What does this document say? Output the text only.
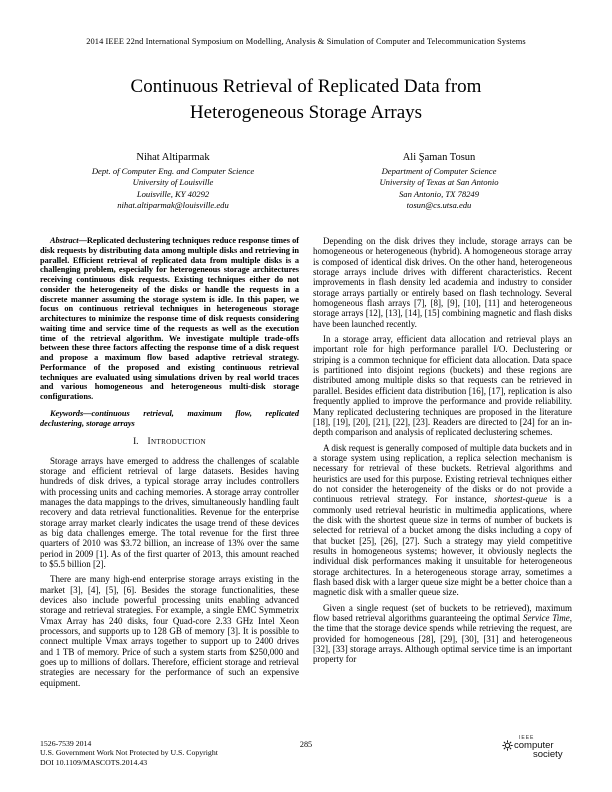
2014 IEEE 22nd International Symposium on Modelling, Analysis & Simulation of Computer and Telecommunication Systems
Continuous Retrieval of Replicated Data from
Heterogeneous Storage Arrays
Nihat Altiparmak
Dept. of Computer Eng. and Computer Science
University of Louisville
Louisville, KY 40292
nihat.altiparmak@louisville.edu
Ali Şaman Tosun
Department of Computer Science
University of Texas at San Antonio
San Antonio, TX 78249
tosun@cs.utsa.edu

Abstract—Replicated declustering techniques reduce response times of disk requests by distributing data among multiple disks and retrieving in parallel. Efficient retrieval of replicated data from multiple disks is a challenging problem, especially for heterogeneous storage architectures receiving continuous disk requests. Existing techniques either do not consider the heterogeneity of the disks or handle the requests in a discrete manner assuming the storage system is idle. In this paper, we focus on continuous retrieval techniques in heterogeneous storage architectures to minimize the response time of disk requests considering waiting time and service time of the requests as well as the execution time of the retrieval algorithm. We investigate multiple trade-offs between these three factors affecting the response time of a disk request and propose a maximum flow based adaptive retrieval strategy. Performance of the proposed and existing continuous retrieval techniques are evaluated using simulations driven by real world traces and various homogeneous and heterogeneous multi-disk storage configurations.

Keywords—continuous retrieval, maximum flow, replicated declustering, storage arrays

I. Introduction

Storage arrays have emerged to address the challenges of scalable storage and efficient retrieval of large datasets. Besides having hundreds of disk drives, a typical storage array includes controllers with processing units and caching memories. A storage array controller manages the data mappings to the drives, simultaneously handling fault recovery and data retrieval functionalities. Revenue for the enterprise storage array market clearly indicates the usage trend of these devices as big data challenges emerge. The total revenue for the first three quarters of 2010 was $3.72 billion, an increase of 13% over the same period in 2009 [1]. As of the first quarter of 2013, this amount reached to $5.5 billion [2].

There are many high-end enterprise storage arrays existing in the market [3], [4], [5], [6]. Besides the storage functionalities, these devices also include powerful processing units enabling advanced storage and retrieval strategies. For example, a single EMC Symmetrix Vmax Array has 240 disks, four Quad-core 2.33 GHz Intel Xeon processors, and supports up to 128 GB of memory [3]. It is possible to connect multiple Vmax arrays together to support up to 2400 drives and 1 TB of memory. Price of such a system starts from $250,000 and goes up to millions of dollars. Therefore, efficient storage and retrieval strategies are necessary for the performance of such an expensive equipment.

Depending on the disk drives they include, storage arrays can be homogeneous or heterogeneous (hybrid). A homogeneous storage array is composed of identical disk drives. On the other hand, heterogeneous storage arrays include drives with different characteristics. Recent improvements in flash density led academia and industry to consider storage arrays partially or entirely based on flash technology. Several homogeneous flash arrays [7], [8], [9], [10], [11] and heterogeneous storage arrays [12], [13], [14], [15] combining magnetic and flash disks have been launched recently.

In a storage array, efficient data allocation and retrieval plays an important role for high performance parallel I/O. Declustering or striping is a common technique for efficient data allocation. Data space is partitioned into disjoint regions (buckets) and these regions are distributed among multiple disks so that requests can be retrieved in parallel. Besides efficient data distribution [16], [17], replication is also frequently applied to improve the performance and provide reliability. Many replicated declustering techniques are proposed in the literature [18], [19], [20], [21], [22], [23]. Readers are directed to [24] for an in-depth comparison and analysis of replicated declustering schemes.

A disk request is generally composed of multiple data buckets and in a storage system using replication, a replica selection mechanism is necessary for retrieval of these buckets. Retrieval algorithms and heuristics are used for this purpose. Existing retrieval techniques either do not consider the heterogeneity of the disks or do not provide a continuous retrieval strategy. For instance, shortest-queue is a commonly used retrieval heuristic in multimedia applications, where the disk with the shortest queue size in terms of number of buckets is selected for retrieval of a bucket among the disks including a copy of that bucket [25], [26], [27]. Such a strategy may yield competitive results in homogeneous systems; however, it obviously neglects the individual disk performances making it unsuitable for heterogeneous storage architectures. In a heterogeneous storage array, sometimes a flash based disk with a larger queue size might be a better choice than a magnetic disk with a smaller queue size.

Given a single request (set of buckets to be retrieved), maximum flow based retrieval algorithms guaranteeing the optimal Service Time, the time that the storage device spends while retrieving the request, are provided for homogeneous [28], [29], [30], [31] and heterogeneous [32], [33] storage arrays. Although optimal service time is an important property for

1526-7539 2014
U.S. Government Work Not Protected by U.S. Copyright
DOI 10.1109/MASCOTS.2014.43
285
IEEE
computer
society
